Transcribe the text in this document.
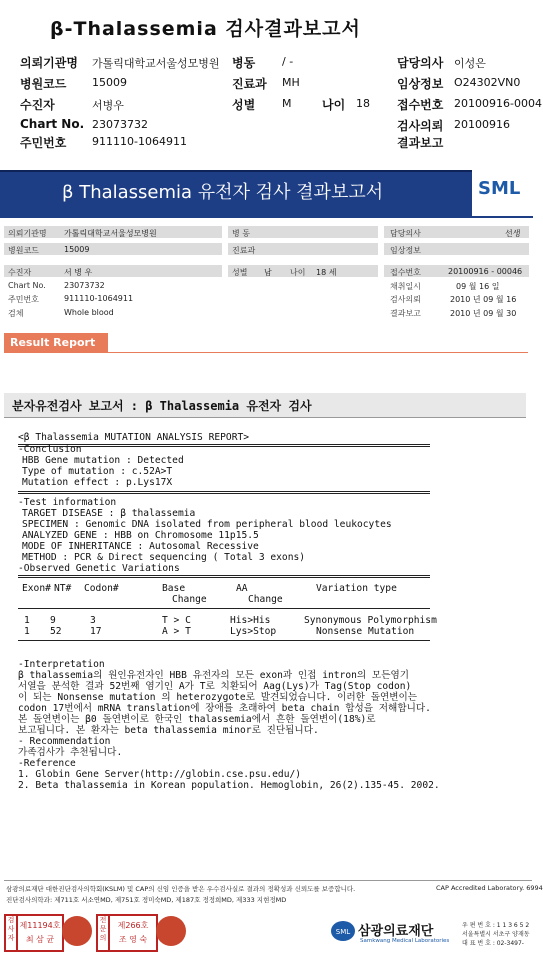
β-Thalassemia 검사결과보고서
의뢰기관명 가톨릭대학교서울성모병원 병동 / -	담당의사 이성은
병원코드 15009	진료과 MH	임상정보 O24302VN0
수진자	서병우	성별 M	나이 18 접수번호 20100916-0004
Chart No. 23073732	검사의뢰 20100916
주민번호 911110-1064911	결과보고
β Thalassemia 유전자 검사 결과보고서	SML
의뢰기관명 가톨릭대학교서울성모병원
병원코드	15009
수진자	서 병 우
Chart No. 23073732
주민번호	911110-1064911
검체	Whole blood
병 동
진료과
성별 남 나이 18 세
담당의사	선생
임상정보
접수번호	20100916 - 00046
채취일시	09 월 16 일
검사의뢰	2010 년 09 월 16
결과보고	2010 년 09 월 30
Result Report
분자유전검사 보고서 : β Thalassemia 유전자 검사
<β Thalassemia MUTATION ANALYSIS REPORT>
-Conclusion
HBB Gene mutation : Detected
Type of mutation : c.52A>T
Mutation effect : p.Lys17X
-Test information
TARGET DISEASE : β thalassemia
SPECIMEN : Genomic DNA isolated from peripheral blood leukocytes
ANALYZED GENE : HBB on Chromosome 11p15.5
MODE OF INHERITANCE : Autosomal Recessive
METHOD : PCR & Direct sequencing ( Total 3 exons)
-Observed Genetic Variations
Exon# NT# Codon#	Base
Change
AA
Change
Variation type
1 9	3	T > C	His>His	Synonymous Polymorphism
1 52	17	A > T	Lys>Stop	Nonsense Mutation
-Interpretation
β thalassemia의 원인유전자인 HBB 유전자의 모든 exon과 인접 intron의 모든염기
서열을 분석한 결과 52번째 염기인 A가 T로 치환되어 Aag(Lys)가 Tag(Stop codon)
이 되는 Nonsense mutation 의 heterozygote로 발견되었습니다. 이러한 돌연변이는
codon 17번에서 mRNA translation에 장애를 초래하여 beta chain 합성을 저해합니다.
본 돌연변이는 β0 돌연변이로 한국인 thalassemia에서 흔한 돌연변이(18%)로
보고됩니다. 본 환자는 beta thalassemia minor로 진단됩니다.
- Recommendation
가족검사가 추천됩니다.
-Reference
1. Globin Gene Server(http://globin.cse.psu.edu/)
2. Beta thalassemia in Korean population. Hemoglobin, 26(2).135-45. 2002.
삼광의료재단 대한진단검사의학회(KSLM) 및 CAP의 신임 인증을 받은 우수검사실로 결과의 정확성과 신뢰도를 보증합니다.	CAP Accredited Laboratory. 6994
진단검사의학과: 제711호 서소연MD, 제751호 정미숙MD, 제187호 정정희MD, 제333 지현정MD
검
사
자
제11194호
최 삼 균
전
문
의
제266호
조 영 숙
SML 삼광의료재단
Samkwang Medical Laboratories
우 편 번 호 : 1 1 3 6 5 2
서울특별시 서초구 양재동
대 표 번 호 : 02-3497-
